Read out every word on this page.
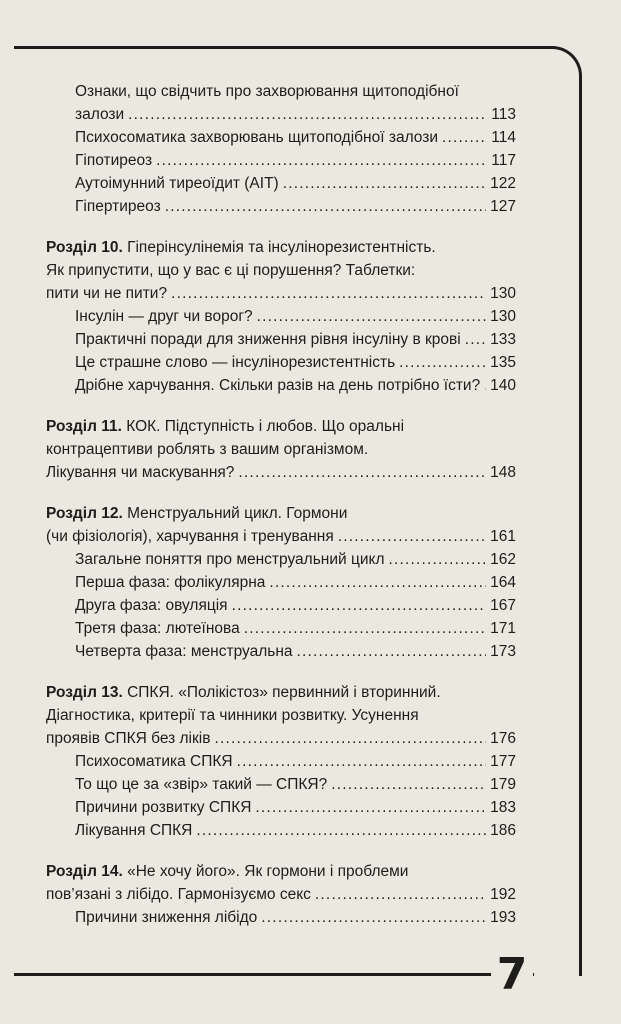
7
Ознаки, що свідчить про захворювання щитоподібної
залози .....	113
Психосоматика захворювань щитоподібної залози .....	114
Гіпотиреоз .....	117
Аутоімунний тиреоїдит (АІТ) .....	122
Гіпертиреоз .....	127
Розділ 10. Гіперінсулінемія та інсулінорезистентність.
Як припустити, що у вас є ці порушення? Таблетки:
пити чи не пити? .....	130
Інсулін — друг чи ворог? .....	130
Практичні поради для зниження рівня інсуліну в крові ..... 133
Це страшне слово — інсулінорезистентність .....	135
Дрібне харчування. Скільки разів на день потрібно їсти? ..... 140
Розділ 11. КОК. Підступність і любов. Що оральні
контрацептиви роблять з вашим організмом.
Лікування чи маскування? .....	148
Розділ 12. Менструальний цикл. Гормони
(чи фізіологія), харчування і тренування .....	161
Загальне поняття про менструальний цикл .....	162
Перша фаза: фолікулярна .....	164
Друга фаза: овуляція .....	167
Третя фаза: лютеїнова .....	171
Четверта фаза: менструальна .....	173
Розділ 13. СПКЯ. «Полікістоз» первинний і вторинний.
Діагностика, критерії та чинники розвитку. Усунення
проявів СПКЯ без ліків .....	176
Психосоматика СПКЯ .....	177
То що це за «звір» такий — СПКЯ? .....	179
Причини розвитку СПКЯ .....	183
Лікування СПКЯ .....	186
Розділ 14. «Не хочу його». Як гормони і проблеми
пов’язані з лібідо. Гармонізуємо секс .....	192
Причини зниження лібідо .....	193
